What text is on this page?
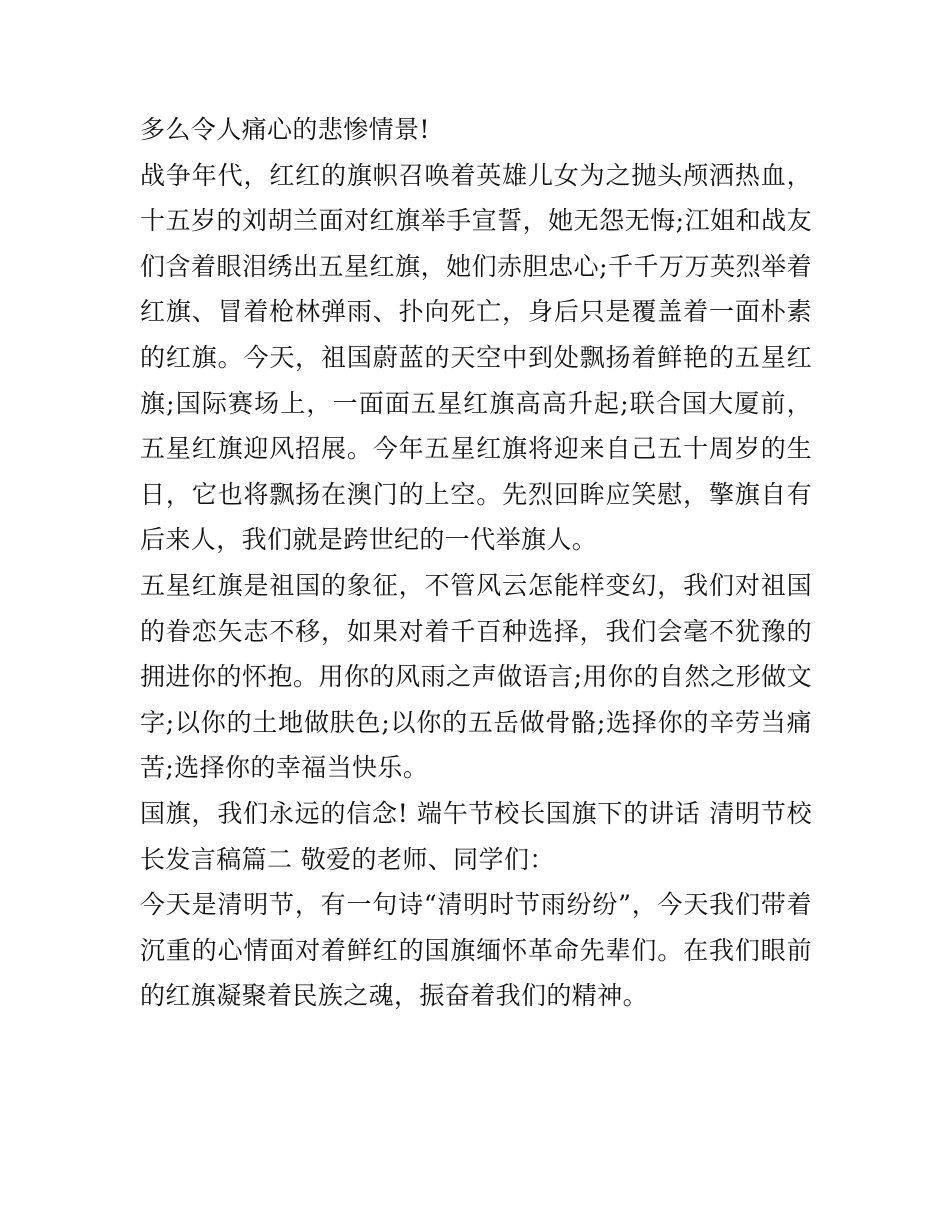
多么令人痛心的悲惨情景!

战争年代，红红的旗帜召唤着英雄儿女为之抛头颅洒热血，十五岁的刘胡兰面对红旗举手宣誓，她无怨无悔;江姐和战友们含着眼泪绣出五星红旗，她们赤胆忠心;千千万万英烈举着红旗、冒着枪林弹雨、扑向死亡，身后只是覆盖着一面朴素的红旗。今天，祖国蔚蓝的天空中到处飘扬着鲜艳的五星红旗;国际赛场上，一面面五星红旗高高升起;联合国大厦前，五星红旗迎风招展。今年五星红旗将迎来自己五十周岁的生日，它也将飘扬在澳门的上空。先烈回眸应笑慰，擎旗自有后来人，我们就是跨世纪的一代举旗人。

五星红旗是祖国的象征，不管风云怎能样变幻，我们对祖国的眷恋矢志不移，如果对着千百种选择，我们会毫不犹豫的拥进你的怀抱。用你的风雨之声做语言;用你的自然之形做文字;以你的土地做肤色;以你的五岳做骨骼;选择你的辛劳当痛苦;选择你的幸福当快乐。

国旗，我们永远的信念! 端午节校长国旗下的讲话 清明节校长发言稿篇二 敬爱的老师、同学们：

今天是清明节，有一句诗“清明时节雨纷纷”，今天我们带着沉重的心情面对着鲜红的国旗缅怀革命先辈们。在我们眼前的红旗凝聚着民族之魂，振奋着我们的精神。
